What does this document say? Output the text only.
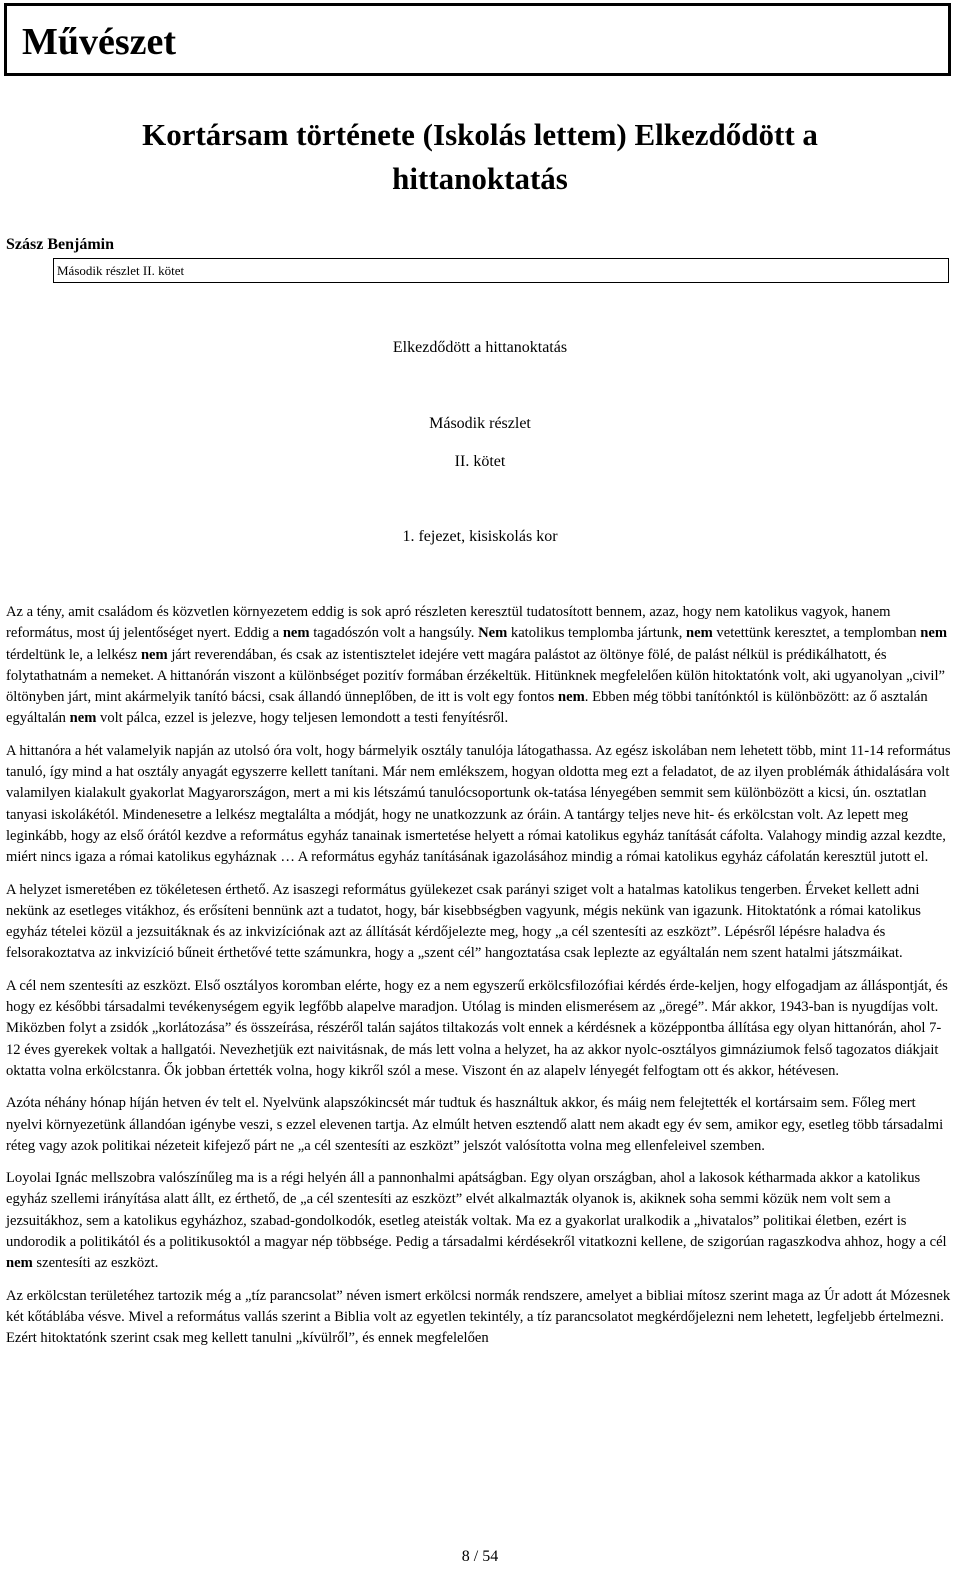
Művészet
Kortársam története (Iskolás lettem) Elkezdődött a hittanoktatás
Szász Benjámin
Második részlet II. kötet
Elkezdődött a hittanoktatás
Második részlet
II. kötet
1. fejezet, kisiskolás kor

Az a tény, amit családom és közvetlen környezetem eddig is sok apró részleten keresztül tudatosított bennem, azaz, hogy nem katolikus vagyok, hanem református, most új jelentőséget nyert. Eddig a nem tagadószón volt a hangsúly. Nem katolikus templomba jártunk, nem vetettünk keresztet, a templomban nem térdeltünk le, a lelkész nem járt reverendában, és csak az istentisztelet idejére vett magára palástot az öltönye fölé, de palást nélkül is prédikálhatott, és folytathatnám a nemeket. A hittanórán viszont a különbséget pozitív formában érzékeltük. Hitünknek megfelelően külön hitoktatónk volt, aki ugyanolyan „civil” öltönyben járt, mint akármelyik tanító bácsi, csak állandó ünneplőben, de itt is volt egy fontos nem. Ebben még többi tanítónktól is különbözött: az ő asztalán egyáltalán nem volt pálca, ezzel is jelezve, hogy teljesen lemondott a testi fenyítésről.

A hittanóra a hét valamelyik napján az utolsó óra volt, hogy bármelyik osztály tanulója látogathassa. Az egész iskolában nem lehetett több, mint 11-14 református tanuló, így mind a hat osztály anyagát egyszerre kellett tanítani. Már nem emlékszem, hogyan oldotta meg ezt a feladatot, de az ilyen problémák áthidalására volt valamilyen kialakult gyakorlat Magyarországon, mert a mi kis létszámú tanulócsoportunk ok-tatása lényegében semmit sem különbözött a kicsi, ún. osztatlan tanyasi iskolákétól. Mindenesetre a lelkész megtalálta a módját, hogy ne unatkozzunk az óráin. A tantárgy teljes neve hit- és erkölcstan volt. Az lepett meg leginkább, hogy az első órától kezdve a református egyház tanainak ismertetése helyett a római katolikus egyház tanítását cáfolta. Valahogy mindig azzal kezdte, miért nincs igaza a római katolikus egyháznak … A református egyház tanításának igazolásához mindig a római katolikus egyház cáfolatán keresztül jutott el.

A helyzet ismeretében ez tökéletesen érthető. Az isaszegi református gyülekezet csak parányi sziget volt a hatalmas katolikus tengerben. Érveket kellett adni nekünk az esetleges vitákhoz, és erősíteni bennünk azt a tudatot, hogy, bár kisebbségben vagyunk, mégis nekünk van igazunk. Hitoktatónk a római katolikus egyház tételei közül a jezsuitáknak és az inkvizíciónak azt az állítását kérdőjelezte meg, hogy „a cél szentesíti az eszközt”. Lépésről lépésre haladva és felsorakoztatva az inkvizíció bűneit érthetővé tette számunkra, hogy a „szent cél” hangoztatása csak leplezte az egyáltalán nem szent hatalmi játszmáikat.

A cél nem szentesíti az eszközt. Első osztályos koromban elérte, hogy ez a nem egyszerű erkölcsfilozófiai kérdés érde-keljen, hogy elfogadjam az álláspontját, és hogy ez későbbi társadalmi tevékenységem egyik legfőbb alapelve maradjon. Utólag is minden elismerésem az „öregé”. Már akkor, 1943-ban is nyugdíjas volt. Miközben folyt a zsidók „korlátozása” és összeírása, részéről talán sajátos tiltakozás volt ennek a kérdésnek a középpontba állítása egy olyan hittanórán, ahol 7-12 éves gyerekek voltak a hallgatói. Nevezhetjük ezt naivitásnak, de más lett volna a helyzet, ha az akkor nyolc-osztályos gimnáziumok felső tagozatos diákjait oktatta volna erkölcstanra. Ők jobban értették volna, hogy kikről szól a mese. Viszont én az alapelv lényegét felfogtam ott és akkor, hétévesen.

Azóta néhány hónap híján hetven év telt el. Nyelvünk alapszókincsét már tudtuk és használtuk akkor, és máig nem felejtették el kortársaim sem. Főleg mert nyelvi környezetünk állandóan igénybe veszi, s ezzel elevenen tartja. Az elmúlt hetven esztendő alatt nem akadt egy év sem, amikor egy, esetleg több társadalmi réteg vagy azok politikai nézeteit kifejező párt ne „a cél szentesíti az eszközt” jelszót valósította volna meg ellenfeleivel szemben.

Loyolai Ignác mellszobra valószínűleg ma is a régi helyén áll a pannonhalmi apátságban. Egy olyan országban, ahol a lakosok kétharmada akkor a katolikus egyház szellemi irányítása alatt állt, ez érthető, de „a cél szentesíti az eszközt” elvét alkalmazták olyanok is, akiknek soha semmi közük nem volt sem a jezsuitákhoz, sem a katolikus egyházhoz, szabad-gondolkodók, esetleg ateisták voltak. Ma ez a gyakorlat uralkodik a „hivatalos” politikai életben, ezért is undorodik a politikától és a politikusoktól a magyar nép többsége. Pedig a társadalmi kérdésekről vitatkozni kellene, de szigorúan ragaszkodva ahhoz, hogy a cél nem szentesíti az eszközt.

Az erkölcstan területéhez tartozik még a „tíz parancsolat” néven ismert erkölcsi normák rendszere, amelyet a bibliai mítosz szerint maga az Úr adott át Mózesnek két kőtáblába vésve. Mivel a református vallás szerint a Biblia volt az egyetlen tekintély, a tíz parancsolatot megkérdőjelezni nem lehetett, legfeljebb értelmezni. Ezért hitoktatónk szerint csak meg kellett tanulni „kívülről”, és ennek megfelelően

8 / 54
